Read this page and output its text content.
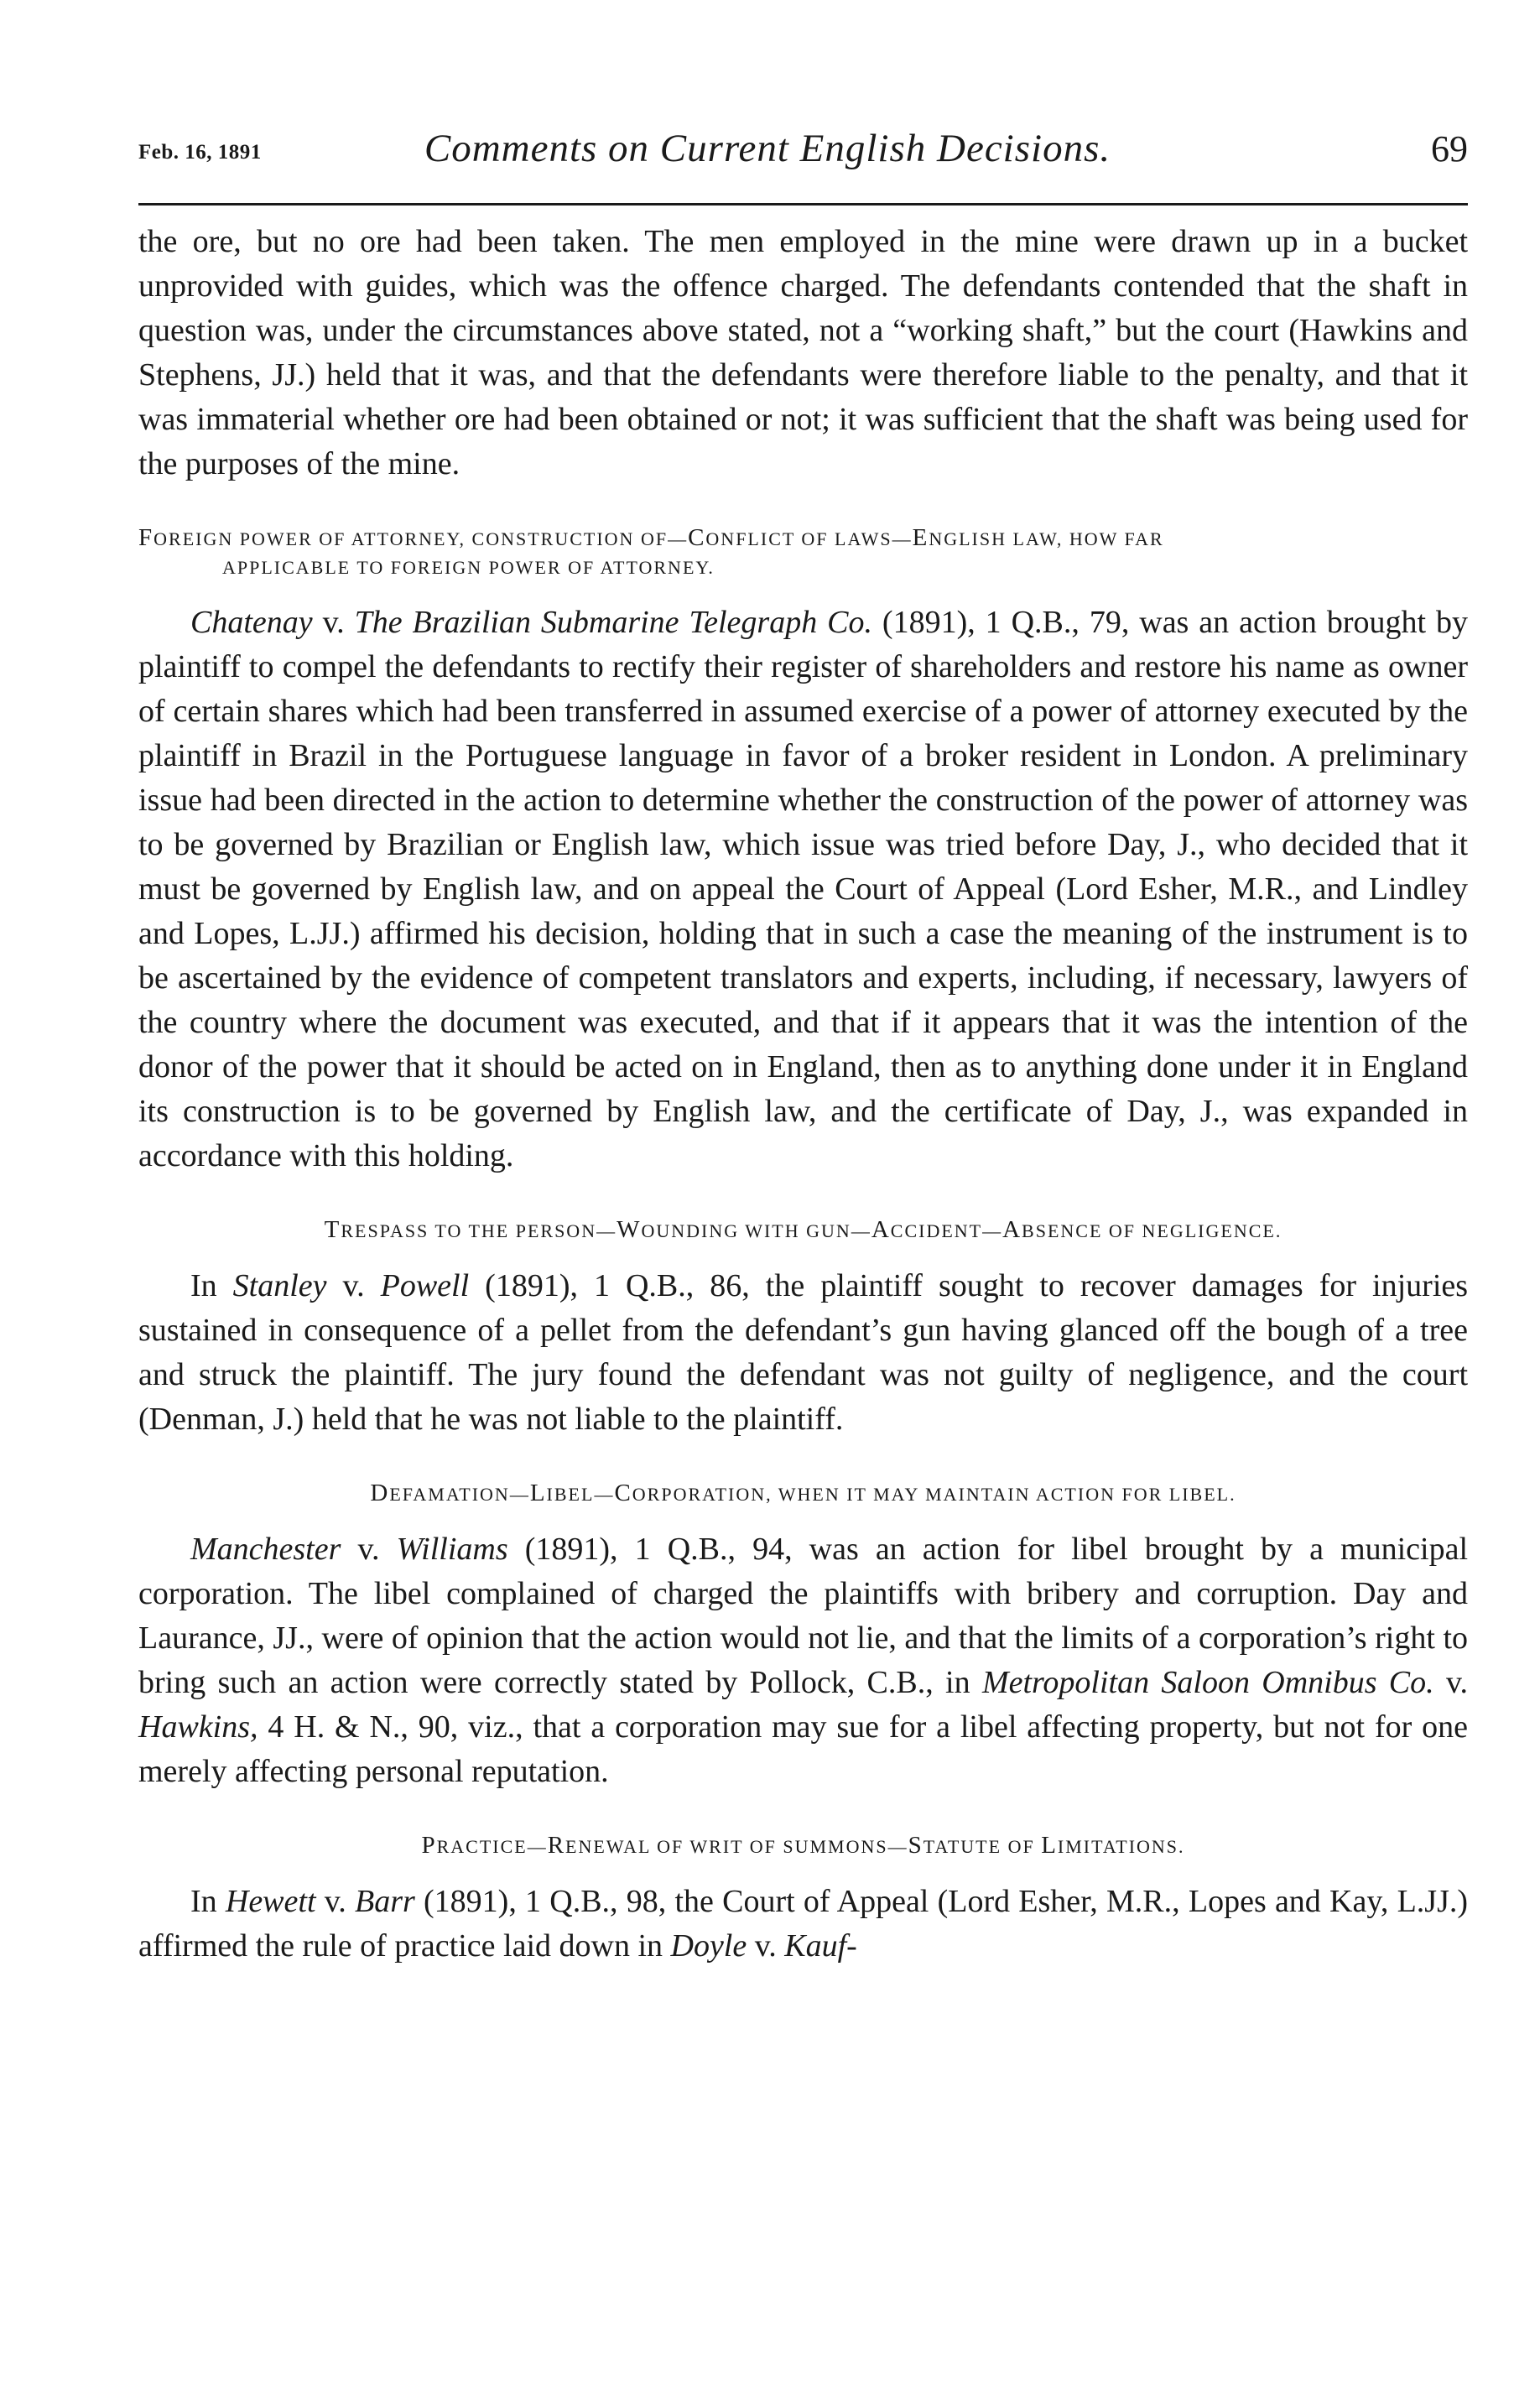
Feb. 16, 1891	Comments on Current English Decisions.	69

the ore, but no ore had been taken. The men employed in the mine were drawn up in a bucket unprovided with guides, which was the offence charged. The defendants contended that the shaft in question was, under the circumstances above stated, not a “working shaft,” but the court (Hawkins and Stephens, JJ.) held that it was, and that the defendants were therefore liable to the penalty, and that it was immaterial whether ore had been obtained or not; it was sufficient that the shaft was being used for the purposes of the mine.

FOREIGN POWER OF ATTORNEY, CONSTRUCTION OF—CONFLICT OF LAWS—ENGLISH LAW, HOW FAR
APPLICABLE TO FOREIGN POWER OF ATTORNEY.

Chatenay v. The Brazilian Submarine Telegraph Co. (1891), 1 Q.B., 79, was an action brought by plaintiff to compel the defendants to rectify their register of shareholders and restore his name as owner of certain shares which had been transferred in assumed exercise of a power of attorney executed by the plaintiff in Brazil in the Portuguese language in favor of a broker resident in London. A preliminary issue had been directed in the action to determine whether the construction of the power of attorney was to be governed by Brazilian or English law, which issue was tried before Day, J., who decided that it must be governed by English law, and on appeal the Court of Appeal (Lord Esher, M.R., and Lindley and Lopes, L.JJ.) affirmed his decision, holding that in such a case the meaning of the instrument is to be ascertained by the evidence of competent translators and experts, including, if necessary, lawyers of the country where the document was executed, and that if it appears that it was the intention of the donor of the power that it should be acted on in England, then as to anything done under it in England its construction is to be governed by English law, and the certificate of Day, J., was expanded in accordance with this holding.

TRESPASS TO THE PERSON—WOUNDING WITH GUN—ACCIDENT—ABSENCE OF NEGLIGENCE.

In Stanley v. Powell (1891), 1 Q.B., 86, the plaintiff sought to recover damages for injuries sustained in consequence of a pellet from the defendant’s gun having glanced off the bough of a tree and struck the plaintiff. The jury found the defendant was not guilty of negligence, and the court (Denman, J.) held that he was not liable to the plaintiff.

DEFAMATION—LIBEL—CORPORATION, WHEN IT MAY MAINTAIN ACTION FOR LIBEL.

Manchester v. Williams (1891), 1 Q.B., 94, was an action for libel brought by a municipal corporation. The libel complained of charged the plaintiffs with bribery and corruption. Day and Laurance, JJ., were of opinion that the action would not lie, and that the limits of a corporation’s right to bring such an action were correctly stated by Pollock, C.B., in Metropolitan Saloon Omnibus Co. v. Hawkins, 4 H. & N., 90, viz., that a corporation may sue for a libel affecting property, but not for one merely affecting personal reputation.

PRACTICE—RENEWAL OF WRIT OF SUMMONS—STATUTE OF LIMITATIONS.

In Hewett v. Barr (1891), 1 Q.B., 98, the Court of Appeal (Lord Esher, M.R., Lopes and Kay, L.JJ.) affirmed the rule of practice laid down in Doyle v. Kauf-
